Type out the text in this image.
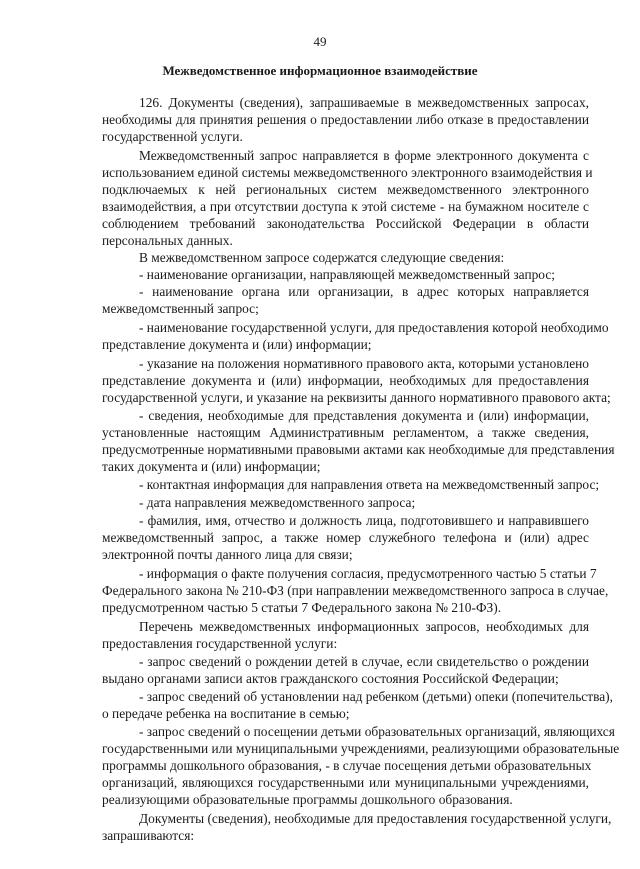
49
Межведомственное информационное взаимодействие
126. Документы (сведения), запрашиваемые в межведомственных запросах,
необходимы для принятия решения о предоставлении либо отказе в предоставлении
государственной услуги.
Межведомственный запрос направляется в форме электронного документа с
использованием единой системы межведомственного электронного взаимодействия и
подключаемых к ней региональных систем межведомственного электронного
взаимодействия, а при отсутствии доступа к этой системе - на бумажном носителе с
соблюдением требований законодательства Российской Федерации в области
персональных данных.
В межведомственном запросе содержатся следующие сведения:
- наименование организации, направляющей межведомственный запрос;
- наименование органа или организации, в адрес которых направляется
межведомственный запрос;
- наименование государственной услуги, для предоставления которой необходимо
представление документа и (или) информации;
- указание на положения нормативного правового акта, которыми установлено
представление документа и (или) информации, необходимых для предоставления
государственной услуги, и указание на реквизиты данного нормативного правового акта;
- сведения, необходимые для представления документа и (или) информации,
установленные настоящим Административным регламентом, а также сведения,
предусмотренные нормативными правовыми актами как необходимые для представления
таких документа и (или) информации;
- контактная информация для направления ответа на межведомственный запрос;
- дата направления межведомственного запроса;
- фамилия, имя, отчество и должность лица, подготовившего и направившего
межведомственный запрос, а также номер служебного телефона и (или) адрес
электронной почты данного лица для связи;
- информация о факте получения согласия, предусмотренного частью 5 статьи 7
Федерального закона № 210-ФЗ (при направлении межведомственного запроса в случае,
предусмотренном частью 5 статьи 7 Федерального закона № 210-ФЗ).
Перечень межведомственных информационных запросов, необходимых для
предоставления государственной услуги:
- запрос сведений о рождении детей в случае, если свидетельство о рождении
выдано органами записи актов гражданского состояния Российской Федерации;
- запрос сведений об установлении над ребенком (детьми) опеки (попечительства),
о передаче ребенка на воспитание в семью;
- запрос сведений о посещении детьми образовательных организаций, являющихся
государственными или муниципальными учреждениями, реализующими образовательные
программы дошкольного образования, - в случае посещения детьми образовательных
организаций, являющихся государственными или муниципальными учреждениями,
реализующими образовательные программы дошкольного образования.
Документы (сведения), необходимые для предоставления государственной услуги,
запрашиваются:
